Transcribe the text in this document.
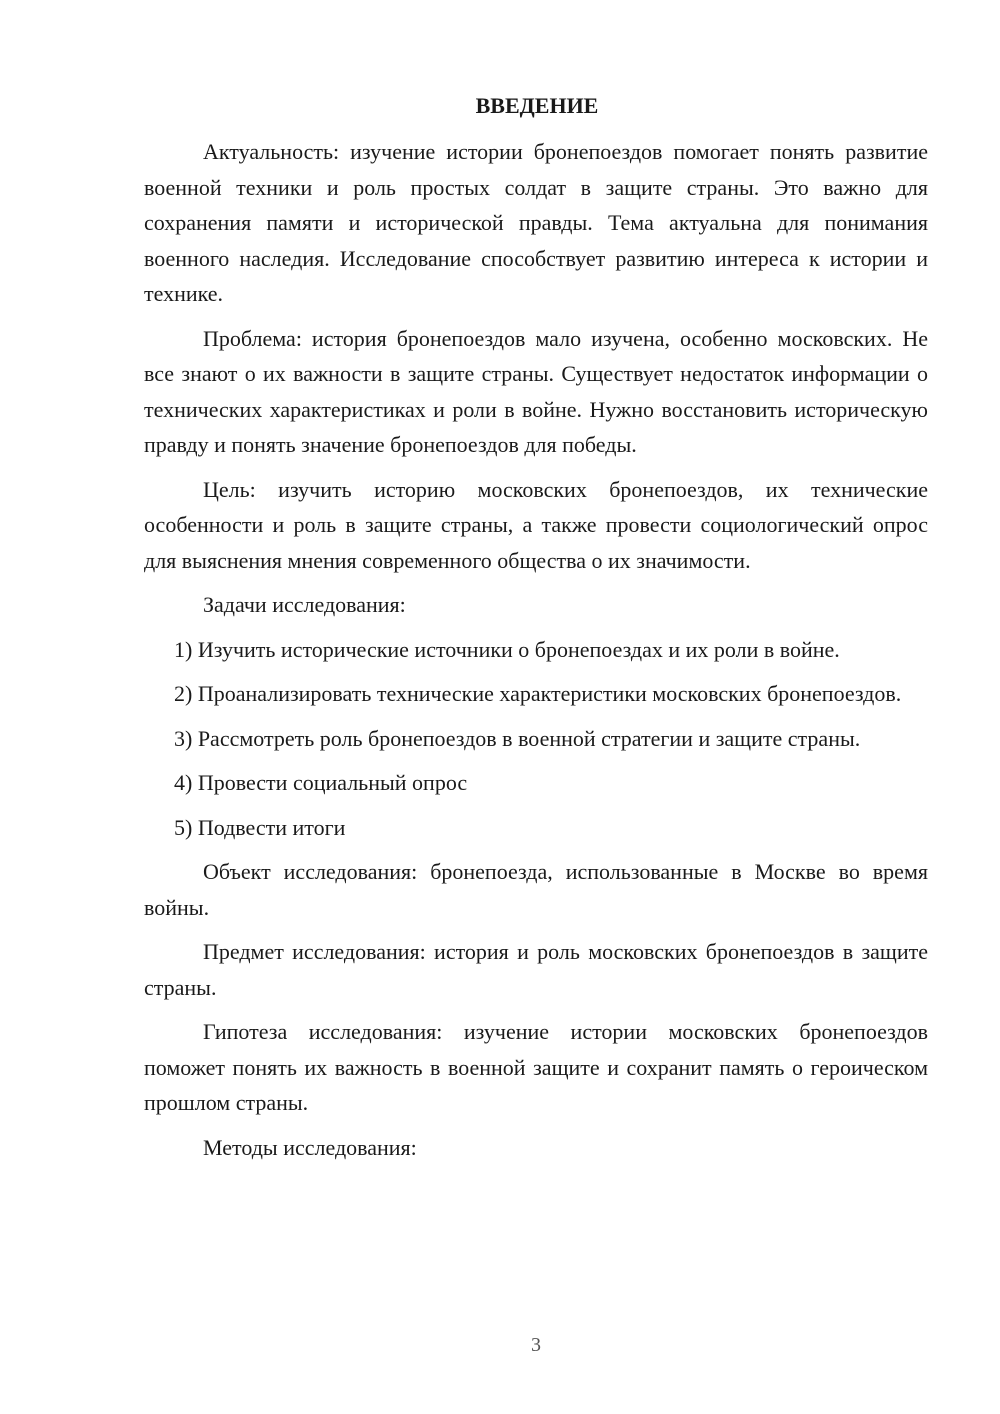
ВВЕДЕНИЕ

Актуальность: изучение истории бронепоездов помогает понять развитие военной техники и роль простых солдат в защите страны. Это важно для сохранения памяти и исторической правды. Тема актуальна для понимания военного наследия. Исследование способствует развитию интереса к истории и технике.

Проблема: история бронепоездов мало изучена, особенно московских. Не все знают о их важности в защите страны. Существует недостаток информации о технических характеристиках и роли в войне. Нужно восстановить историческую правду и понять значение бронепоездов для победы.

Цель: изучить историю московских бронепоездов, их технические особенности и роль в защите страны, а также провести социологический опрос для выяснения мнения современного общества о их значимости.

Задачи исследования:

1) Изучить исторические источники о бронепоездах и их роли в войне.

2) Проанализировать технические характеристики московских бронепоездов.

3) Рассмотреть роль бронепоездов в военной стратегии и защите страны.

4) Провести социальный опрос

5) Подвести итоги

Объект исследования: бронепоезда, использованные в Москве во время войны.

Предмет исследования: история и роль московских бронепоездов в защите страны.

Гипотеза исследования: изучение истории московских бронепоездов поможет понять их важность в военной защите и сохранит память о героическом прошлом страны.

Методы исследования:

3
